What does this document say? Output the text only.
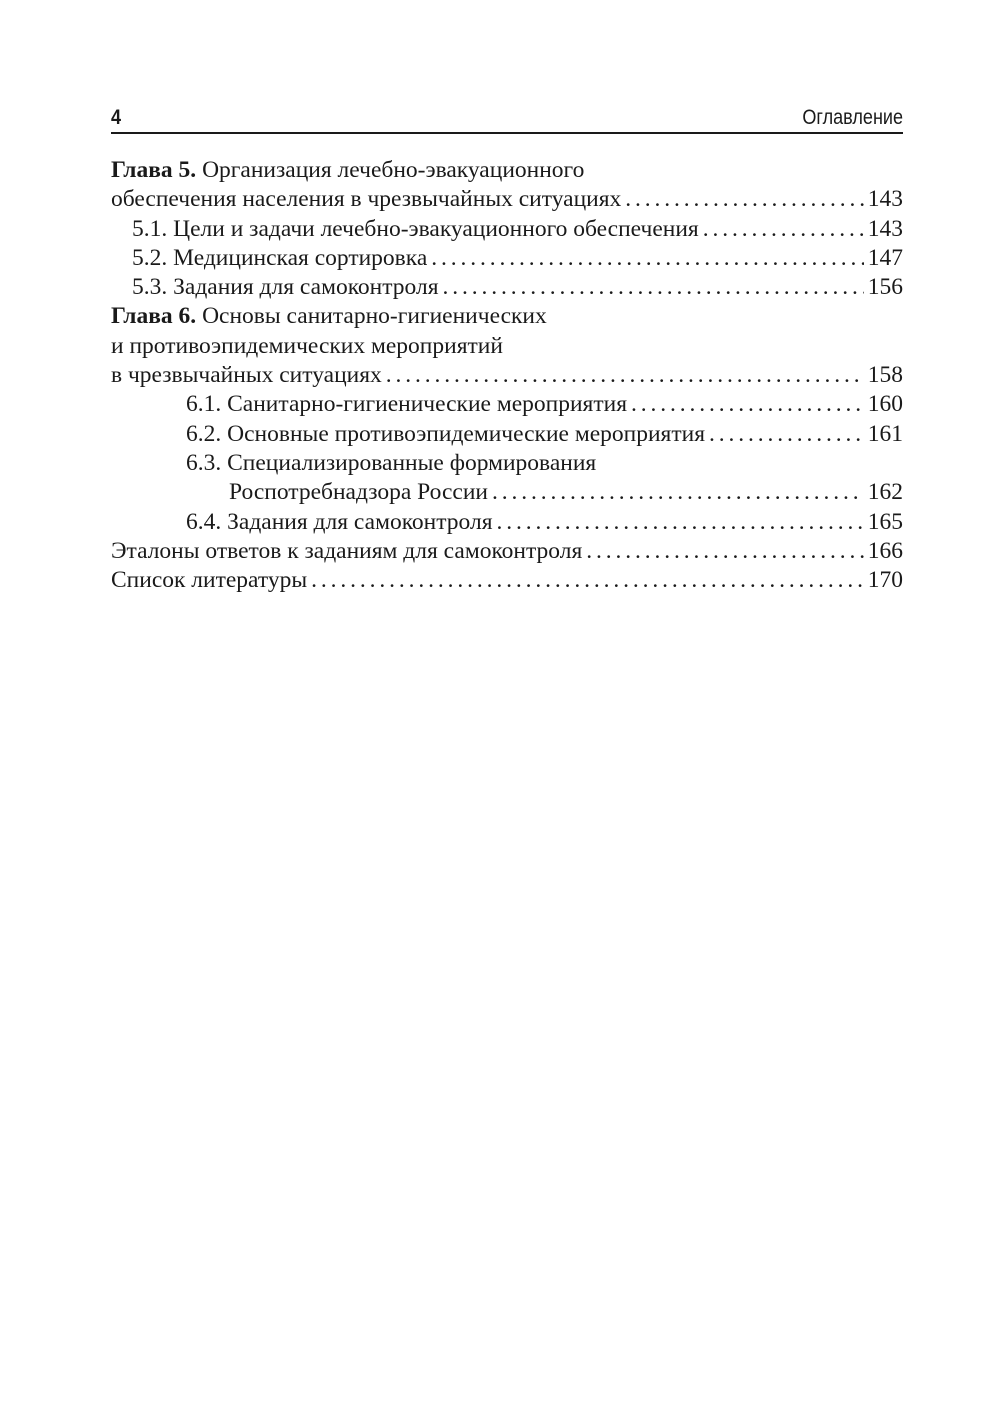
4	Оглавление
Глава 5. Организация лечебно-эвакуационного
обеспечения населения в чрезвычайных ситуациях . . .	143
5.1. Цели и задачи лечебно-эвакуационного обеспечения . . .	143
5.2. Медицинская сортировка . . .	147
5.3. Задания для самоконтроля . . .	156
Глава 6. Основы санитарно-гигиенических
и противоэпидемических мероприятий
в чрезвычайных ситуациях . . .	158
6.1. Санитарно-гигиенические мероприятия . . .	160
6.2. Основные противоэпидемические мероприятия . . .	161
6.3. Специализированные формирования
Роспотребнадзора России . . .	162
6.4. Задания для самоконтроля . . .	165
Эталоны ответов к заданиям для самоконтроля . . .	166
Список литературы . . .	170
